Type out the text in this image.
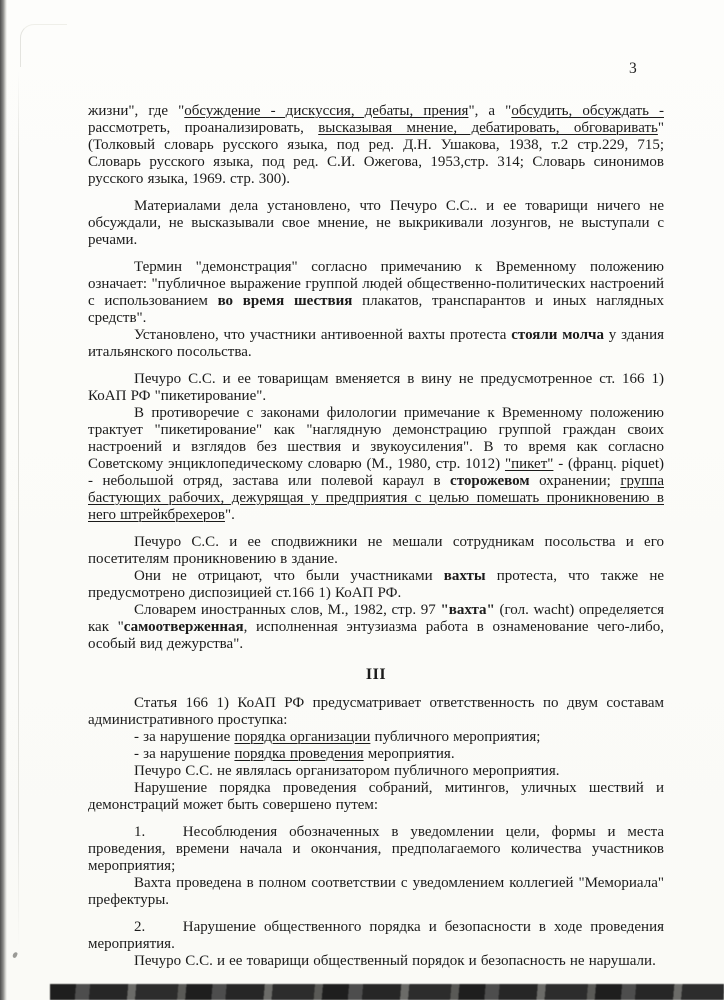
3

жизни", где "обсуждение - дискуссия, дебаты, прения", а "обсудить, обсуждать - рассмотреть, проанализировать, высказывая мнение, дебатировать, обговаривать" (Толковый словарь русского языка, под ред. Д.Н. Ушакова, 1938, т.2 стр.229, 715; Словарь русского языка, под ред. С.И. Ожегова, 1953,стр. 314; Словарь синонимов русского языка, 1969. стр. 300).

Материалами дела установлено, что Печуро С.С.. и ее товарищи ничего не обсуждали, не высказывали свое мнение, не выкрикивали лозунгов, не выступали с речами.

Термин "демонстрация" согласно примечанию к Временному положению означает: "публичное выражение группой людей общественно-политических настроений с использованием во время шествия плакатов, транспарантов и иных наглядных средств".

Установлено, что участники антивоенной вахты протеста стояли молча у здания итальянского посольства.

Печуро С.С. и ее товарищам вменяется в вину не предусмотренное ст. 166 1) КоАП РФ "пикетирование".

В противоречие с законами филологии примечание к Временному положению трактует "пикетирование" как "наглядную демонстрацию группой граждан своих настроений и взглядов без шествия и звукоусиления". В то время как согласно Советскому энциклопедическому словарю (М., 1980, стр. 1012) "пикет" - (франц. piquet) - небольшой отряд, застава или полевой караул в сторожевом охранении; группа бастующих рабочих, дежурящая у предприятия с целью помешать проникновению в него штрейкбрехеров".

Печуро С.С. и ее сподвижники не мешали сотрудникам посольства и его посетителям проникновению в здание.

Они не отрицают, что были участниками вахты протеста, что также не предусмотрено диспозицией ст.166 1) КоАП РФ.

Словарем иностранных слов, М., 1982, стр. 97 "вахта" (гол. wacht) определяется как "самоотверженная, исполненная энтузиазма работа в ознаменование чего-либо, особый вид дежурства".

III

Статья 166 1) КоАП РФ предусматривает ответственность по двум составам административного проступка:

- за нарушение порядка организации публичного мероприятия;

- за нарушение порядка проведения мероприятия.

Печуро С.С. не являлась организатором публичного мероприятия.

Нарушение порядка проведения собраний, митингов, уличных шествий и демонстраций может быть совершено путем:

1.   Несоблюдения обозначенных в уведомлении цели, формы и места проведения, времени начала и окончания, предполагаемого количества участников мероприятия;

Вахта проведена в полном соответствии с уведомлением коллегией "Мемориала" префектуры.

2.   Нарушение общественного порядка и безопасности в ходе проведения мероприятия.

Печуро С.С. и ее товарищи общественный порядок и безопасность не нарушали.
